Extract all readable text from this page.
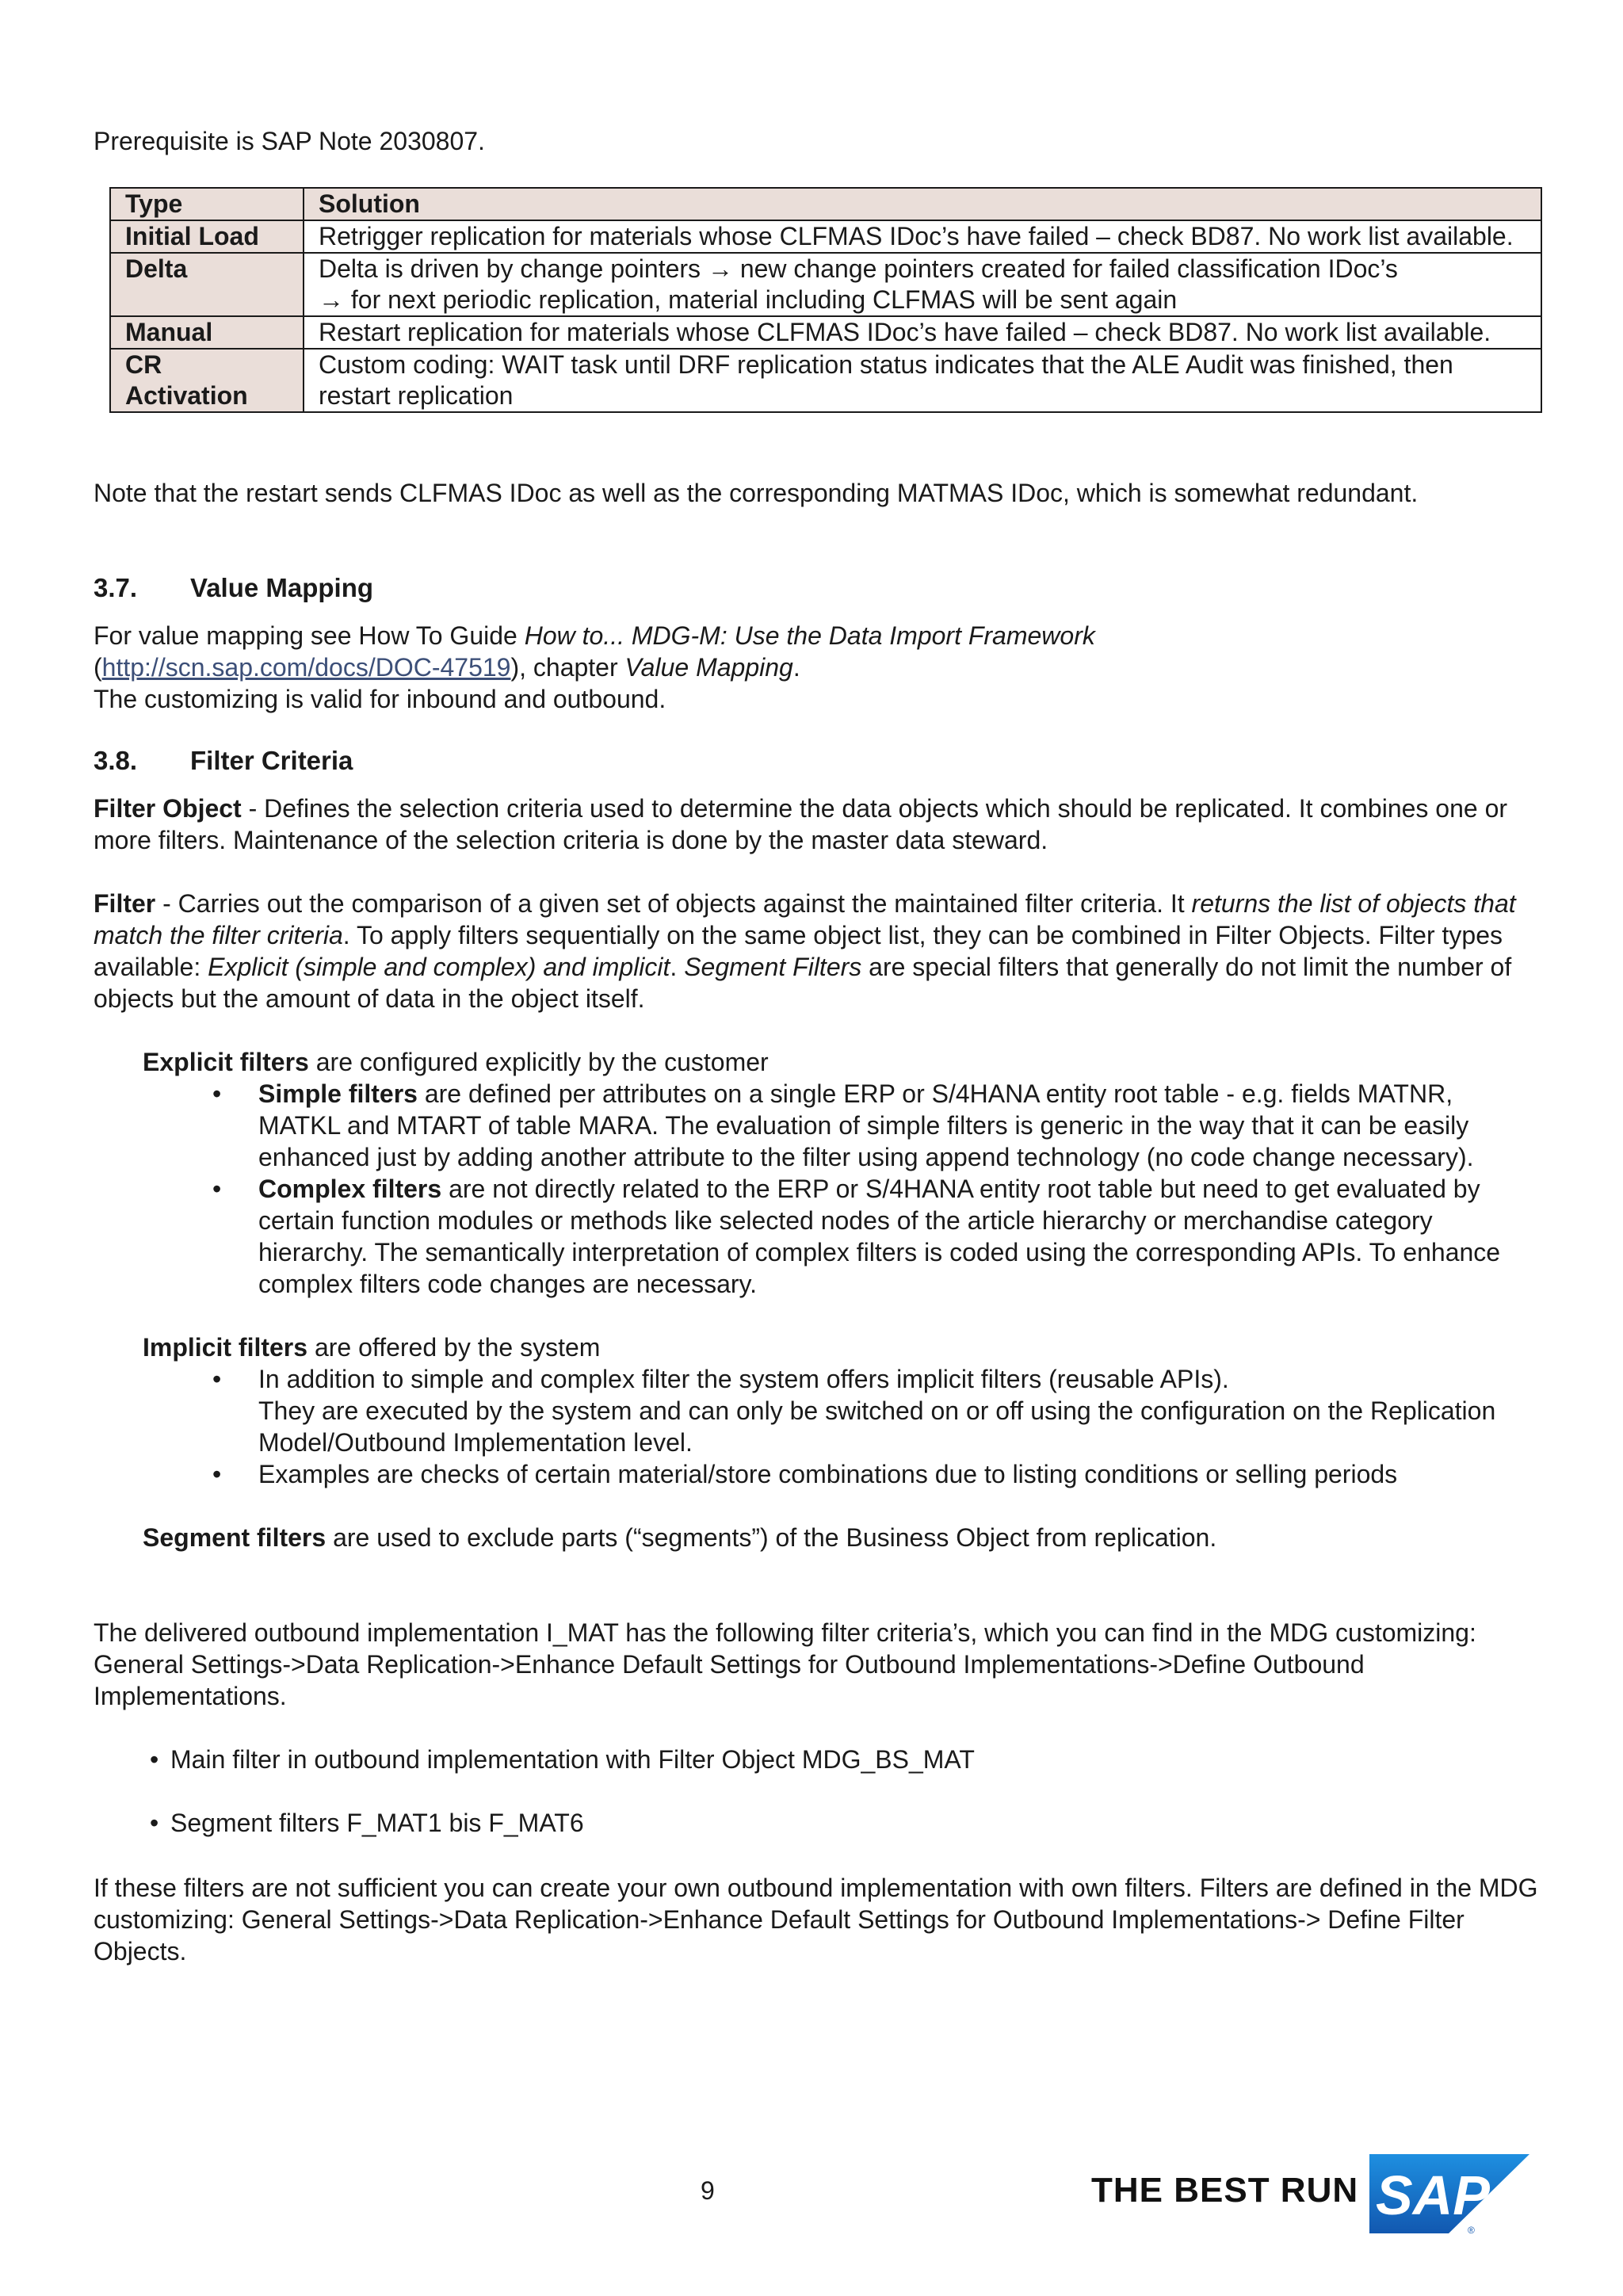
Prerequisite is SAP Note 2030807.

Type	Solution
Initial Load	Retrigger replication for materials whose CLFMAS IDoc’s have failed – check BD87. No work list available.
Delta	Delta is driven by change pointers → new change pointers created for failed classification IDoc’s
→ for next periodic replication, material including CLFMAS will be sent again
Manual	Restart replication for materials whose CLFMAS IDoc’s have failed – check BD87. No work list available.
CR
Activation	Custom coding: WAIT task until DRF replication status indicates that the ALE Audit was finished, then restart replication

Note that the restart sends CLFMAS IDoc as well as the corresponding MATMAS IDoc, which is somewhat redundant.

3.7. Value Mapping

For value mapping see How To Guide How to... MDG-M: Use the Data Import Framework
(http://scn.sap.com/docs/DOC-47519), chapter Value Mapping.
The customizing is valid for inbound and outbound.

3.8. Filter Criteria

Filter Object - Defines the selection criteria used to determine the data objects which should be replicated. It combines one or more filters. Maintenance of the selection criteria is done by the master data steward.

Filter - Carries out the comparison of a given set of objects against the maintained filter criteria. It returns the list of objects that match the filter criteria. To apply filters sequentially on the same object list, they can be combined in Filter Objects. Filter types available: Explicit (simple and complex) and implicit. Segment Filters are special filters that generally do not limit the number of objects but the amount of data in the object itself.

Explicit filters are configured explicitly by the customer

• Simple filters are defined per attributes on a single ERP or S/4HANA entity root table - e.g. fields MATNR, MATKL and MTART of table MARA. The evaluation of simple filters is generic in the way that it can be easily enhanced just by adding another attribute to the filter using append technology (no code change necessary).
• Complex filters are not directly related to the ERP or S/4HANA entity root table but need to get evaluated by certain function modules or methods like selected nodes of the article hierarchy or merchandise category hierarchy. The semantically interpretation of complex filters is coded using the corresponding APIs. To enhance complex filters code changes are necessary.

Implicit filters are offered by the system

• In addition to simple and complex filter the system offers implicit filters (reusable APIs).
They are executed by the system and can only be switched on or off using the configuration on the Replication Model/Outbound Implementation level.
• Examples are checks of certain material/store combinations due to listing conditions or selling periods

Segment filters are used to exclude parts (“segments”) of the Business Object from replication.

The delivered outbound implementation I_MAT has the following filter criteria’s, which you can find in the MDG customizing: General Settings->Data Replication->Enhance Default Settings for Outbound Implementations->Define Outbound Implementations.

• Main filter in outbound implementation with Filter Object MDG_BS_MAT
• Segment filters F_MAT1 bis F_MAT6

If these filters are not sufficient you can create your own outbound implementation with own filters. Filters are defined in the MDG customizing: General Settings->Data Replication->Enhance Default Settings for Outbound Implementations-> Define Filter Objects.

9	THE BEST RUN SAP
®
